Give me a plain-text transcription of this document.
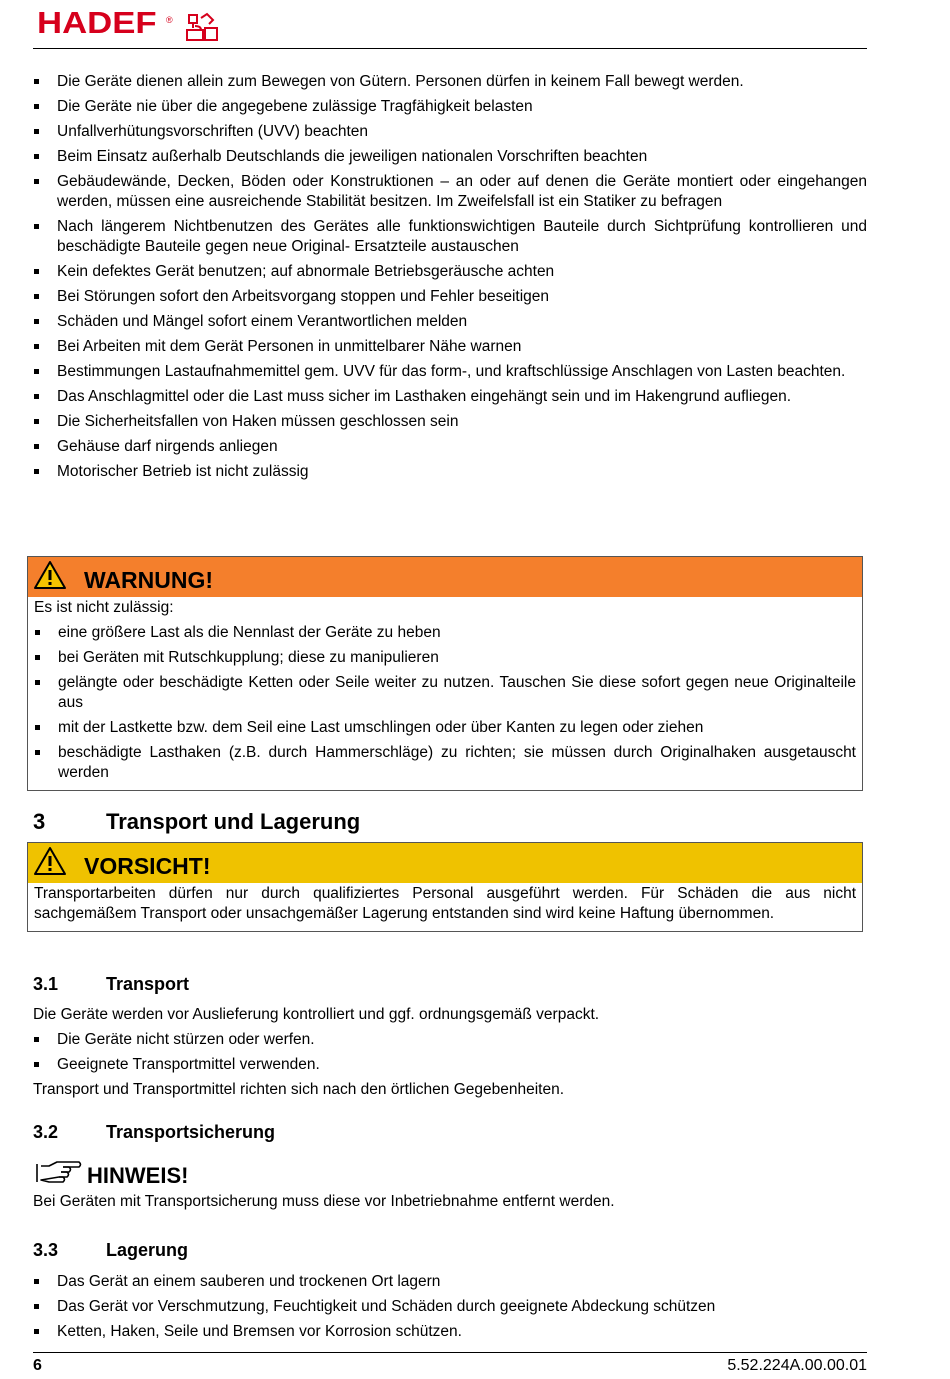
HADEF ®
Die Geräte dienen allein zum Bewegen von Gütern. Personen dürfen in keinem Fall bewegt werden.
Die Geräte nie über die angegebene zulässige Tragfähigkeit belasten
Unfallverhütungsvorschriften (UVV) beachten
Beim Einsatz außerhalb Deutschlands die jeweiligen nationalen Vorschriften beachten
Gebäudewände, Decken, Böden oder Konstruktionen – an oder auf denen die Geräte montiert oder eingehangen werden, müssen eine ausreichende Stabilität besitzen. Im Zweifelsfall ist ein Statiker zu befragen
Nach längerem Nichtbenutzen des Gerätes alle funktionswichtigen Bauteile durch Sichtprüfung kontrollieren und beschädigte Bauteile gegen neue Original- Ersatzteile austauschen
Kein defektes Gerät benutzen; auf abnormale Betriebsgeräusche achten
Bei Störungen sofort den Arbeitsvorgang stoppen und Fehler beseitigen
Schäden und Mängel sofort einem Verantwortlichen melden
Bei Arbeiten mit dem Gerät Personen in unmittelbarer Nähe warnen
Bestimmungen Lastaufnahmemittel gem. UVV für das form-, und kraftschlüssige Anschlagen von Lasten beachten.
Das Anschlagmittel oder die Last muss sicher im Lasthaken eingehängt sein und im Hakengrund aufliegen.
Die Sicherheitsfallen von Haken müssen geschlossen sein
Gehäuse darf nirgends anliegen
Motorischer Betrieb ist nicht zulässig
WARNUNG!

Es ist nicht zulässig:

eine größere Last als die Nennlast der Geräte zu heben
bei Geräten mit Rutschkupplung; diese zu manipulieren
gelängte oder beschädigte Ketten oder Seile weiter zu nutzen. Tauschen Sie diese sofort gegen neue Originalteile aus
mit der Lastkette bzw. dem Seil eine Last umschlingen oder über Kanten zu legen oder ziehen
beschädigte Lasthaken (z.B. durch Hammerschläge) zu richten; sie müssen durch Originalhaken ausgetauscht werden
3	Transport und Lagerung
VORSICHT!

Transportarbeiten dürfen nur durch qualifiziertes Personal ausgeführt werden. Für Schäden die aus nicht sachgemäßem Transport oder unsachgemäßer Lagerung entstanden sind wird keine Haftung übernommen.

3.1	Transport

Die Geräte werden vor Auslieferung kontrolliert und ggf. ordnungsgemäß verpackt.

Die Geräte nicht stürzen oder werfen.
Geeignete Transportmittel verwenden.

Transport und Transportmittel richten sich nach den örtlichen Gegebenheiten.

3.2	Transportsicherung
HINWEIS!

Bei Geräten mit Transportsicherung muss diese vor Inbetriebnahme entfernt werden.

3.3	Lagerung
Das Gerät an einem sauberen und trockenen Ort lagern
Das Gerät vor Verschmutzung, Feuchtigkeit und Schäden durch geeignete Abdeckung schützen
Ketten, Haken, Seile und Bremsen vor Korrosion schützen.
6	5.52.224A.00.00.01
